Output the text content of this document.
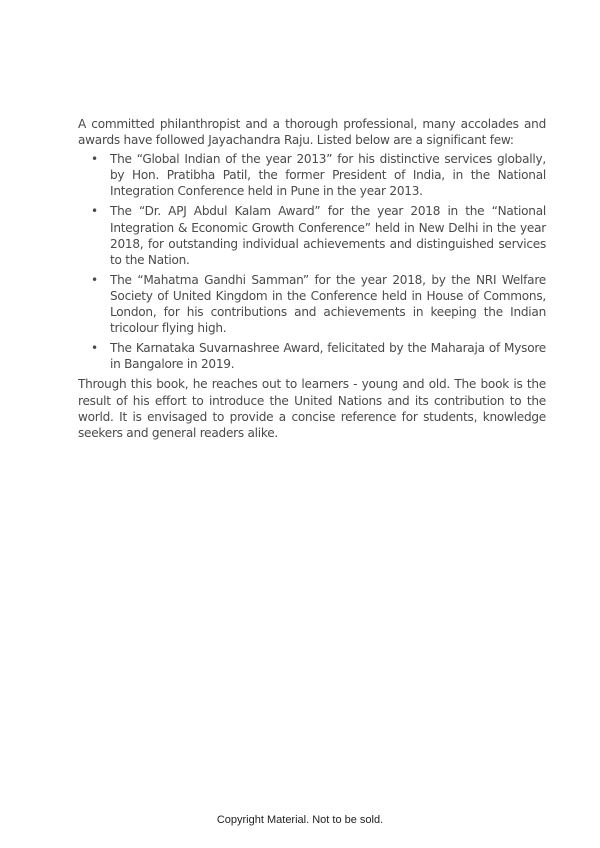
A committed philanthropist and a thorough professional, many accolades and awards have followed Jayachandra Raju. Listed below are a significant few:

• The “Global Indian of the year 2013” for his distinctive services globally, by Hon. Pratibha Patil, the former President of India, in the National Integration Conference held in Pune in the year 2013.
• The “Dr. APJ Abdul Kalam Award” for the year 2018 in the “National Integration & Economic Growth Conference” held in New Delhi in the year 2018, for outstanding individual achievements and distinguished services to the Nation.
• The “Mahatma Gandhi Samman” for the year 2018, by the NRI Welfare Society of United Kingdom in the Conference held in House of Commons, London, for his contributions and achievements in keeping the Indian tricolour flying high.
• The Karnataka Suvarnashree Award, felicitated by the Maharaja of Mysore in Bangalore in 2019.

Through this book, he reaches out to learners - young and old. The book is the result of his effort to introduce the United Nations and its contribution to the world. It is envisaged to provide a concise reference for students, knowledge seekers and general readers alike.

Copyright Material. Not to be sold.
